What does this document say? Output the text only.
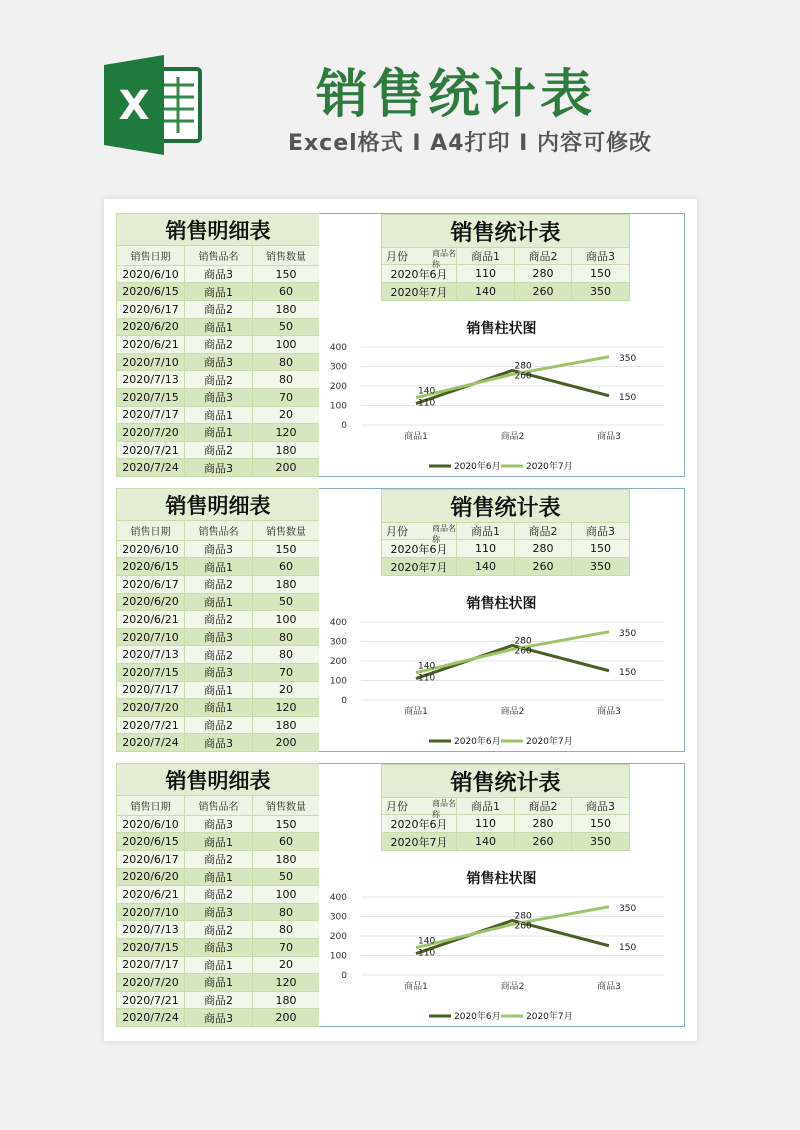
X	销售统计表
Excel格式 I A4打印 I 内容可修改
销售明细表		
销售日期	销售品名	销售数量
2020/6/10	商品3	150
2020/6/15	商品1	60
2020/6/17	商品2	180
2020/6/20	商品1	50
2020/6/21	商品2	100
2020/7/10	商品3	80
2020/7/13	商品2	80
2020/7/15	商品3	70
2020/7/17	商品1	20
2020/7/20	商品1	120
2020/7/21	商品2	180
2020/7/24	商品3	200
销售统计表			
月份 商品名称	商品1	商品2	商品3
2020年6月	110	280	150
2020年7月	140	260	350
销售柱状图
0
100
200
300
400
商品1	商品2	商品3
110
280
150
140
260
350
2020年6月	2020年7月
销售明细表		
销售日期	销售品名	销售数量
2020/6/10	商品3	150
2020/6/15	商品1	60
2020/6/17	商品2	180
2020/6/20	商品1	50
2020/6/21	商品2	100
2020/7/10	商品3	80
2020/7/13	商品2	80
2020/7/15	商品3	70
2020/7/17	商品1	20
2020/7/20	商品1	120
2020/7/21	商品2	180
2020/7/24	商品3	200
销售统计表			
月份 商品名称	商品1	商品2	商品3
2020年6月	110	280	150
2020年7月	140	260	350
销售柱状图
0
100
200
300
400
商品1	商品2	商品3
110
280
150
140
260
350
2020年6月	2020年7月
销售明细表		
销售日期	销售品名	销售数量
2020/6/10	商品3	150
2020/6/15	商品1	60
2020/6/17	商品2	180
2020/6/20	商品1	50
2020/6/21	商品2	100
2020/7/10	商品3	80
2020/7/13	商品2	80
2020/7/15	商品3	70
2020/7/17	商品1	20
2020/7/20	商品1	120
2020/7/21	商品2	180
2020/7/24	商品3	200
销售统计表			
月份 商品名称	商品1	商品2	商品3
2020年6月	110	280	150
2020年7月	140	260	350
销售柱状图
0
100
200
300
400
商品1	商品2	商品3
110
280
150
140
260
350
2020年6月	2020年7月
